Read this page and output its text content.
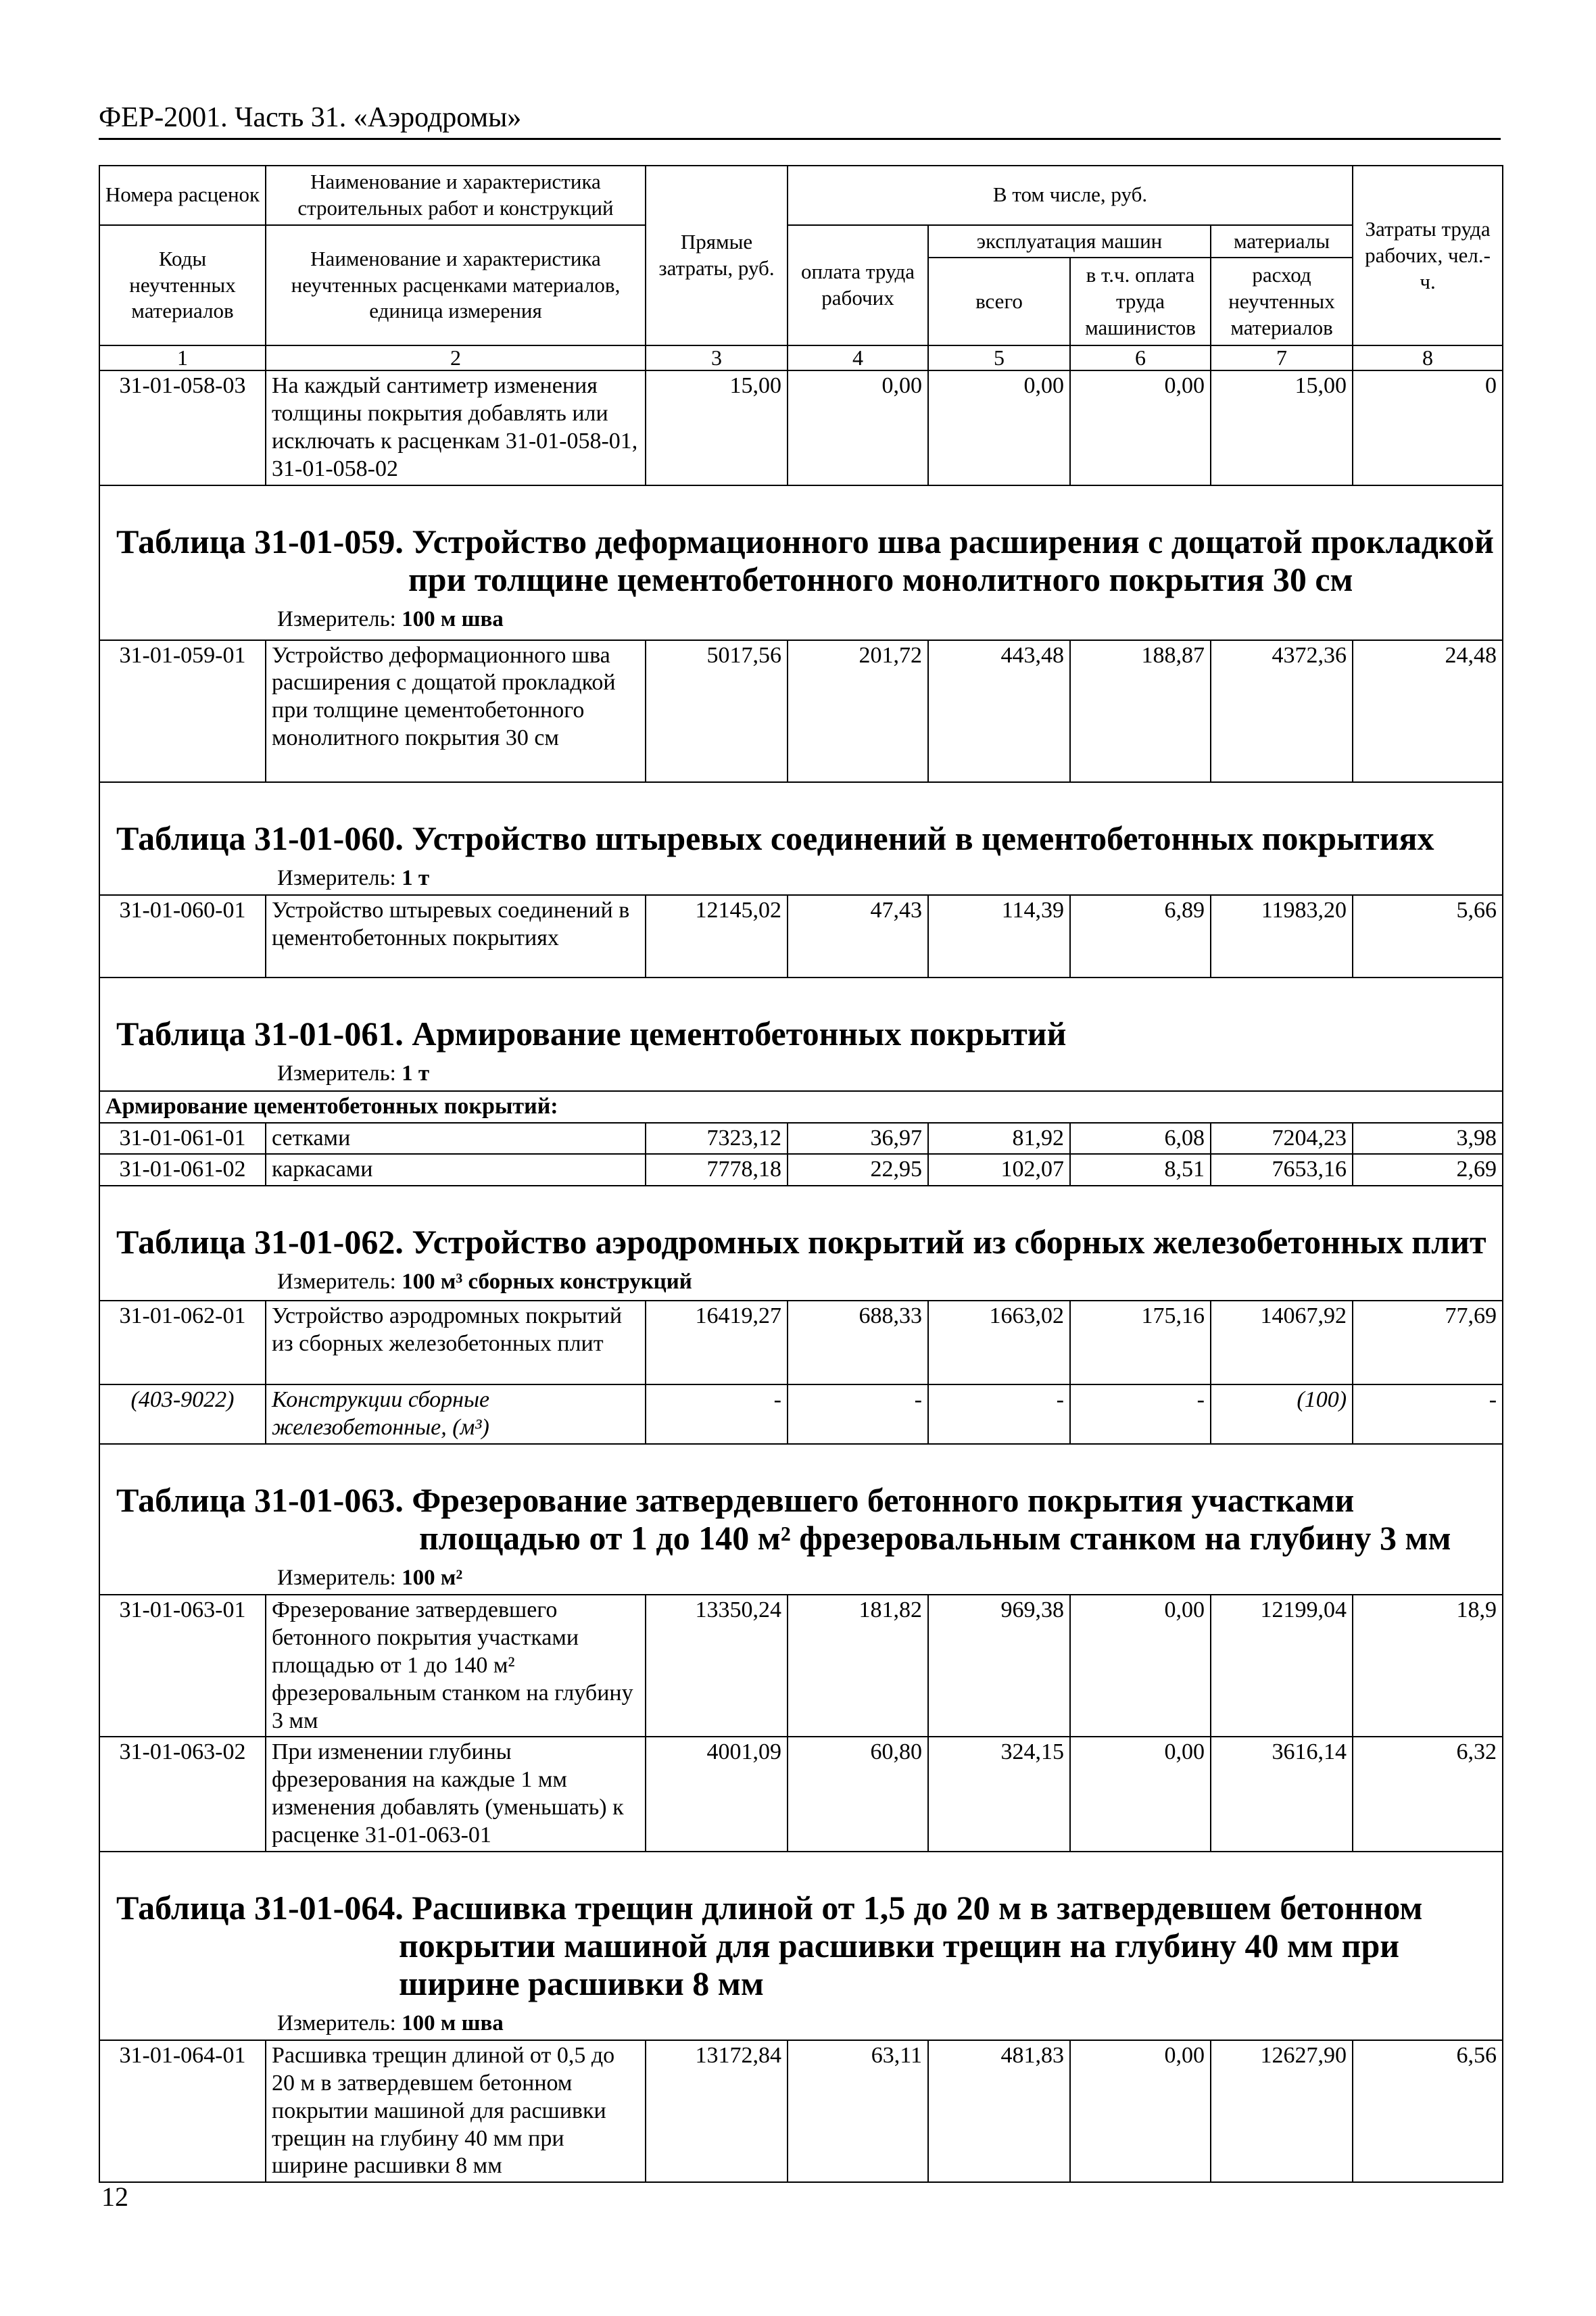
ФЕР-2001. Часть 31. «Аэродромы»
Номера расценок	Наименование и характеристика строительных работ и конструкций	Прямые затраты, руб.	В том числе, руб.				Затраты труда рабочих, чел.-ч.
Коды неучтенных материалов	Наименование и характеристика неучтенных расценками материалов, единица измерения		оплата труда рабочих	эксплуатация машин		материалы	
				всего	в т.ч. оплата труда машинистов	расход неучтенных материалов	
1	2	3	4	5	6	7	8
31-01-058-03	На каждый сантиметр изменения толщины покрытия добавлять или исключать к расценкам 31-01-058-01, 31-01-058-02	15,00	0,00	0,00	0,00	15,00	0

Таблица 31-01-059. Устройство деформационного шва расширения с дощатой прокладкой
при толщине цементобетонного монолитного покрытия 30 см
Измеритель: 100 м шва							

31-01-059-01	Устройство деформационного шва расширения с дощатой прокладкой при толщине цементобетонного монолитного покрытия 30 см	5017,56	201,72	443,48	188,87	4372,36	24,48

Таблица 31-01-060. Устройство штыревых соединений в цементобетонных покрытиях
Измеритель: 1 т							

31-01-060-01	Устройство штыревых соединений в цементобетонных покрытиях	12145,02	47,43	114,39	6,89	11983,20	5,66

Таблица 31-01-061. Армирование цементобетонных покрытий
Измеритель: 1 т							

Армирование цементобетонных покрытий:							
31-01-061-01	сетками	7323,12	36,97	81,92	6,08	7204,23	3,98
31-01-061-02	каркасами	7778,18	22,95	102,07	8,51	7653,16	2,69

Таблица 31-01-062. Устройство аэродромных покрытий из сборных железобетонных плит
Измеритель: 100 м³ сборных конструкций							

31-01-062-01	Устройство аэродромных покрытий из сборных железобетонных плит	16419,27	688,33	1663,02	175,16	14067,92	77,69
(403-9022)	Конструкции сборные железобетонные, (м³)	-	-	-	-	(100)	-

Таблица 31-01-063. Фрезерование затвердевшего бетонного покрытия участками
площадью от 1 до 140 м² фрезеровальным станком на глубину 3 мм
Измеритель: 100 м²							

31-01-063-01	Фрезерование затвердевшего бетонного покрытия участками площадью от 1 до 140 м² фрезеровальным станком на глубину 3 мм	13350,24	181,82	969,38	0,00	12199,04	18,9
31-01-063-02	При изменении глубины фрезерования на каждые 1 мм изменения добавлять (уменьшать) к расценке 31-01-063-01	4001,09	60,80	324,15	0,00	3616,14	6,32

Таблица 31-01-064. Расшивка трещин длиной от 1,5 до 20 м в затвердевшем бетонном
покрытии машиной для расшивки трещин на глубину 40 мм при
ширине расшивки 8 мм
Измеритель: 100 м шва							

31-01-064-01	Расшивка трещин длиной от 0,5 до 20 м в затвердевшем бетонном покрытии машиной для расшивки трещин на глубину 40 мм при ширине расшивки 8 мм	13172,84	63,11	481,83	0,00	12627,90	6,56
12
